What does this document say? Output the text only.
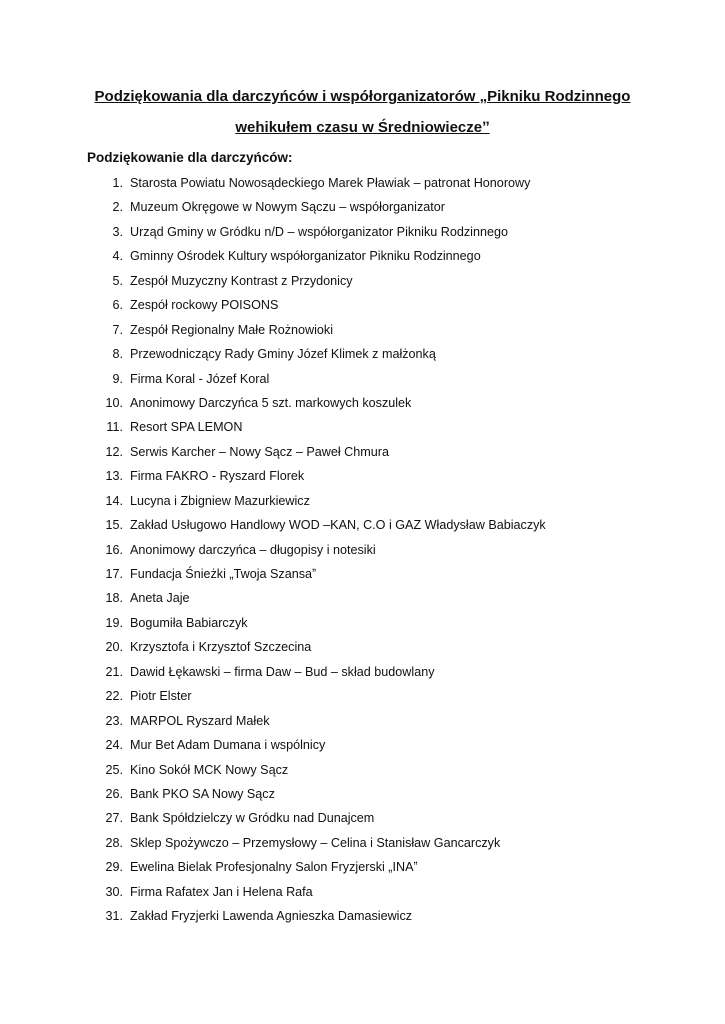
Podziękowania dla darczyńców i współorganizatorów „Pikniku Rodzinnego
wehikułem czasu w Średniowieczeˮ
Podziękowanie dla darczyńców:
1. Starosta Powiatu Nowosądeckiego Marek Pławiak – patronat Honorowy
2. Muzeum Okręgowe w Nowym Sączu – współorganizator
3. Urząd Gminy w Gródku n/D – współorganizator Pikniku Rodzinnego
4. Gminny Ośrodek Kultury współorganizator Pikniku Rodzinnego
5. Zespół Muzyczny Kontrast z Przydonicy
6. Zespół rockowy POISONS
7. Zespół Regionalny Małe Rożnowioki
8. Przewodniczący Rady Gminy Józef Klimek z małżonką
9. Firma Koral - Józef Koral
10. Anonimowy Darczyńca 5 szt. markowych koszulek
11. Resort SPA LEMON
12. Serwis Karcher – Nowy Sącz – Paweł Chmura
13. Firma FAKRO - Ryszard Florek
14. Lucyna i Zbigniew Mazurkiewicz
15. Zakład Usługowo Handlowy WOD –KAN, C.O i GAZ Władysław Babiaczyk
16. Anonimowy darczyńca – długopisy i notesiki
17. Fundacja Śnieżki „Twoja Szansaˮ
18. Aneta Jaje
19. Bogumiła Babiarczyk
20. Krzysztofa i Krzysztof Szczecina
21. Dawid Łękawski – firma Daw – Bud – skład budowlany
22. Piotr Elster
23. MARPOL Ryszard Małek
24. Mur Bet Adam Dumana i wspólnicy
25. Kino Sokół MCK Nowy Sącz
26. Bank PKO SA Nowy Sącz
27. Bank Spółdzielczy w Gródku nad Dunajcem
28. Sklep Spożywczo – Przemysłowy – Celina i Stanisław Gancarczyk
29. Ewelina Bielak Profesjonalny Salon Fryzjerski „INAˮ
30. Firma Rafatex Jan i Helena Rafa
31. Zakład Fryzjerki Lawenda Agnieszka Damasiewicz
